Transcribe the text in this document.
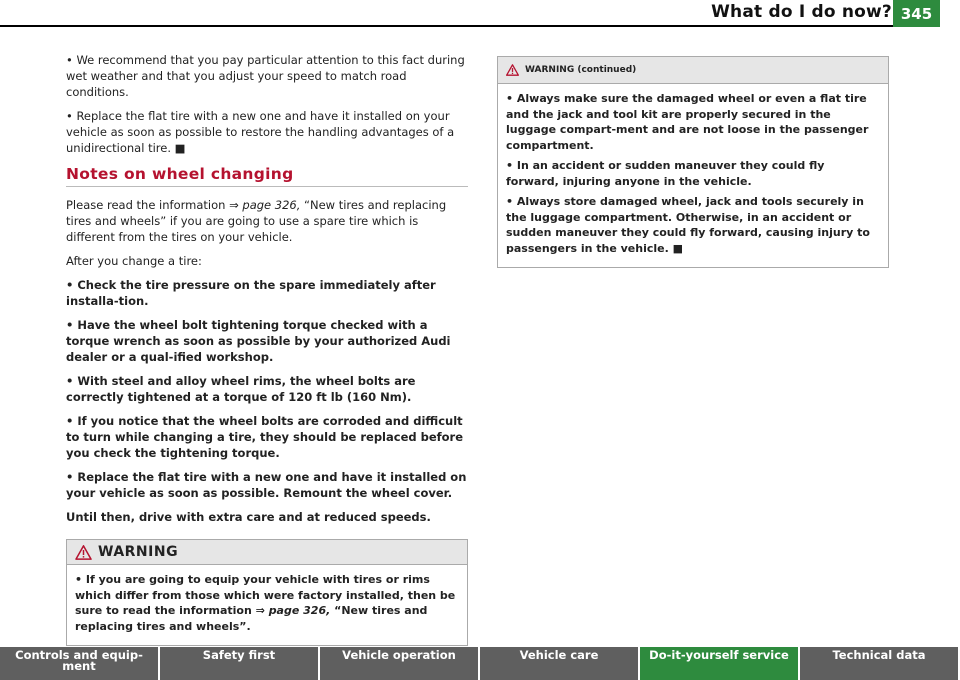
What do I do now? 345

• We recommend that you pay particular attention to this fact during wet weather and that you adjust your speed to match road conditions.

• Replace the flat tire with a new one and have it installed on your vehicle as soon as possible to restore the handling advantages of a unidirectional tire. ■

Notes on wheel changing

Please read the information ⇒ page 326, “New tires and replacing tires and wheels” if you are going to use a spare tire which is different from the tires on your vehicle.

After you change a tire:

• Check the tire pressure on the spare immediately after installa-tion.

• Have the wheel bolt tightening torque checked with a torque wrench as soon as possible by your authorized Audi dealer or a qual-ified workshop.

• With steel and alloy wheel rims, the wheel bolts are correctly tightened at a torque of 120 ft lb (160 Nm).

• If you notice that the wheel bolts are corroded and difficult to turn while changing a tire, they should be replaced before you check the tightening torque.

• Replace the flat tire with a new one and have it installed on your vehicle as soon as possible. Remount the wheel cover.

Until then, drive with extra care and at reduced speeds.

WARNING

• If you are going to equip your vehicle with tires or rims which differ from those which were factory installed, then be sure to read the information ⇒ page 326, “New tires and replacing tires and wheels”.

WARNING (continued)

• Always make sure the damaged wheel or even a flat tire and the jack and tool kit are properly secured in the luggage compart-ment and are not loose in the passenger compartment.

• In an accident or sudden maneuver they could fly forward, injuring anyone in the vehicle.

• Always store damaged wheel, jack and tools securely in the luggage compartment. Otherwise, in an accident or sudden maneuver they could fly forward, causing injury to passengers in the vehicle. ■

Controls and equip-
ment
Safety first	Vehicle operation	Vehicle care	Do-it-yourself service	Technical data
